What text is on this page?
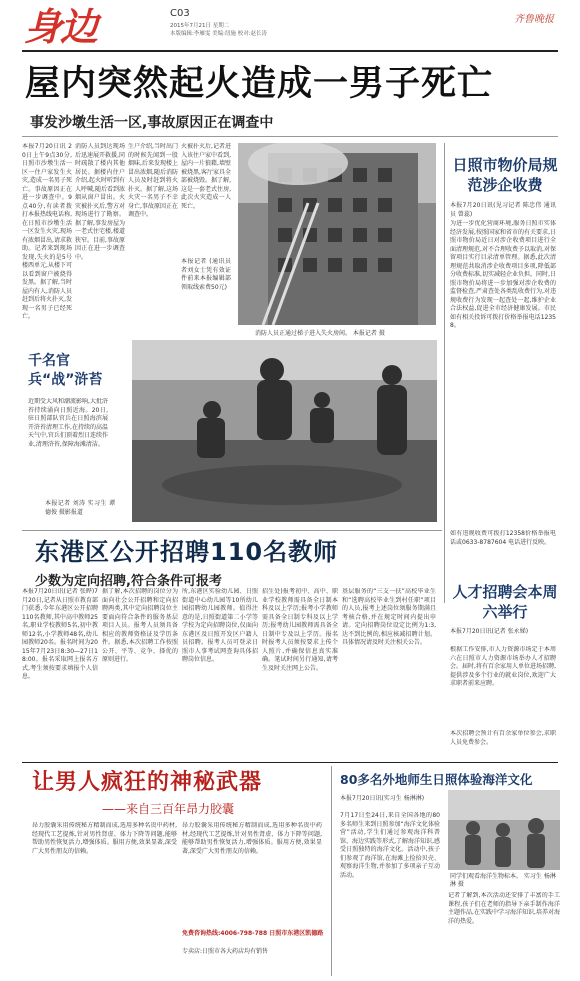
身边	C03
2015年7月21日 星期二
本版编辑:李雁雯 美编:纽施 校对:赵长涛
齐鲁晚报
屋内突然起火造成一男子死亡
事发沙墩生活一区,事故原因正在调查中
本报7月20日讯 20日上午9点30分,日照市沙墩生活一区一住户家发生火灾,造成一名男子死亡。事故原因正在进一步调查中。9点40分,有读者拨打本报热线电话称,在日照市沙墩生活一区发生火灾,现场有浓烟冒出,请求救助。记者来到现场发现,失火的是5号楼西单元,从楼下可以看到窗户被烧得发黑。据了解,当时屋内有人,消防人员赶到后将火扑灭,发现一名男子已经死亡。
消防人员到达现场后迅速展开救援,同时疏散了楼内其他居民。据楼内住户介绍,起火时听到有人呼喊,随后看到浓烟从窗户冒出。火灾被扑灭后,警方对现场进行了勘察。据了解,事发房屋为一老式住宅楼,楼道狭窄。目前,事故原因正在进一步调查中。
生户介绍,当时出门的时候先闻到一股烟味,后来发现楼上冒出浓烟,随后消防人员及时赶到将火扑灭。据了解,这场火灾一名男子不幸身亡,事故原因正在调查中。
火被扑灭后,记者进入该住户家中看到,屋内一片狼藉,墙壁被烧黑,客厅家具全部被烧毁。据了解,这是一套老式住房,此次火灾造成一人死亡。
本报记者 (通讯员者刘女士凭有效证件前来本报编辑部领取线索费50元)
消防人员正通过梯子进入失火房间。 本报记者 摄
日照市物价局规范涉企收费
本报7月20日讯(见习记者 陈忠伟 通讯员 曾蕊)
为进一步优化营商环境,服务日照市实体经济发展,按照国家和省市的有关要求,日照市物价局近日对涉企收费项目进行全面清理规范,对不合理收费予以取消,对保留项目实行目录清单管理。据悉,此次清理规范共取消涉企收费项目多项,降低部分收费标准,切实减轻企业负担。同时,日照市物价局将进一步加强对涉企收费的监督检查,严肃查处各类乱收费行为,对违规收费行为发现一起查处一起,维护企业合法权益,促进全市经济健康发展。市民如有相关投诉可拨打价格举报电话12358。
如有违规收费可拨打12358价格举报电话或0633-8787604 电话进行反映。
千名官兵“战”浒苔
近期受大风和潮流影响,大批浒苔持续涌向日照近海。20日,驻日照部队官兵在日照海滨展开浒苔清理工作,在持续的高温天气中,官兵们顶着烈日连续作业,清理浒苔,保障海滩清洁。
本报记者 刘涛 实习生 谭德俊 摄影报道
东港区公开招聘110名教师
少数为定向招聘,符合条件可报考
本报7月20日讯(记者 张晔)7月20日,记者从日照市教育部门获悉,今年东港区公开招聘110名教师,其中高中教师25名,职业学校教师5名,初中教师12名,小学教师48名,幼儿园教师20名。报名时间为2015年7月23日8:30—27日18:00。报名采取网上报名方式,考生须按要求填报个人信息。
据了解,本次招聘的岗位分为面向社会公开招聘和定向招聘两类,其中定向招聘岗位主要面向符合条件的服务基层项目人员。报考人员须具备相应的教师资格证及学历条件。据悉,本次招聘工作按照公开、平等、竞争、择优的原则进行。
所,东港区实验幼儿园、日照街道中心幼儿园等10所幼儿园招聘幼儿园教师。值得注意的是,日照街道第二小学等学校为定向招聘岗位,仅面向东港区及日照开发区户籍人员招聘。报考人员可登录日照市人事考试网查询具体招聘岗位信息。
招生处)报考初中、高中、职业学校教师需具备全日制本科及以上学历;报考小学教师需具备全日制专科及以上学历;报考幼儿园教师需具备全日制中专及以上学历。报名时报考人员须按要求上传个人照片,并确保信息真实准确。笔试时间另行通知,请考生及时关注网上公告。
基层服务的“三支一扶”高校毕业生和“选聘高校毕业生到村任职”项目的人员,报考上述岗位须服务期满且考核合格,并在规定时间内提出申请。定向招聘岗位设定比例为1:3,达不到比例的,相应核减招聘计划。具体情况请及时关注相关公告。
人才招聘会本周六举行
本报7月20日讯(记者 张永娣)
根据工作安排,市人力资源市场定于本周六在日照市人力资源市场举办人才招聘会。届时,将有百余家用人单位进场招聘,提供涉及多个行业的就业岗位,欢迎广大求职者前来应聘。
本次招聘会预计有百余家单位参会,求职人员免费参会。
让男人疯狂的神秘武器
——来自三百年昂力胶囊
昂力胶囊采用传统秘方精制而成,选用多种名贵中药材,经现代工艺提炼,针对男性肾虚、体力下降等问题,能够帮助男性恢复活力,增强体质。服用方便,效果显著,深受广大男性朋友的信赖。
昂力胶囊采用传统秘方精制而成,选用多种名贵中药材,经现代工艺提炼,针对男性肾虚、体力下降等问题,能够帮助男性恢复活力,增强体质。服用方便,效果显著,深受广大男性朋友的信赖。
免费咨询热线:4006-798-788 日照市东港区凯德路
专卖店:日照市各大药店均有销售
80多名外地师生日照体验海洋文化
本报7月20日讯(实习生 杨淋淋)
7月17日至24日,来自全国各地的80多名师生来到日照参加“海洋文化体验营”活动,学生们通过参观海洋科普馆、海边实践等形式,了解海洋知识,感受日照独特的海洋文化。活动中,孩子们参观了海洋馆,在海滩上捡拾贝壳、观察海洋生物,并参加了多项亲子互动活动。	同学们观看海洋生物标本。 实习生 杨淋淋 摄
记者了解到,本次活动还安排了丰富的手工课程,孩子们在老师的指导下亲手制作海洋主题作品,在实践中学习海洋知识,培养对海洋的热爱。
